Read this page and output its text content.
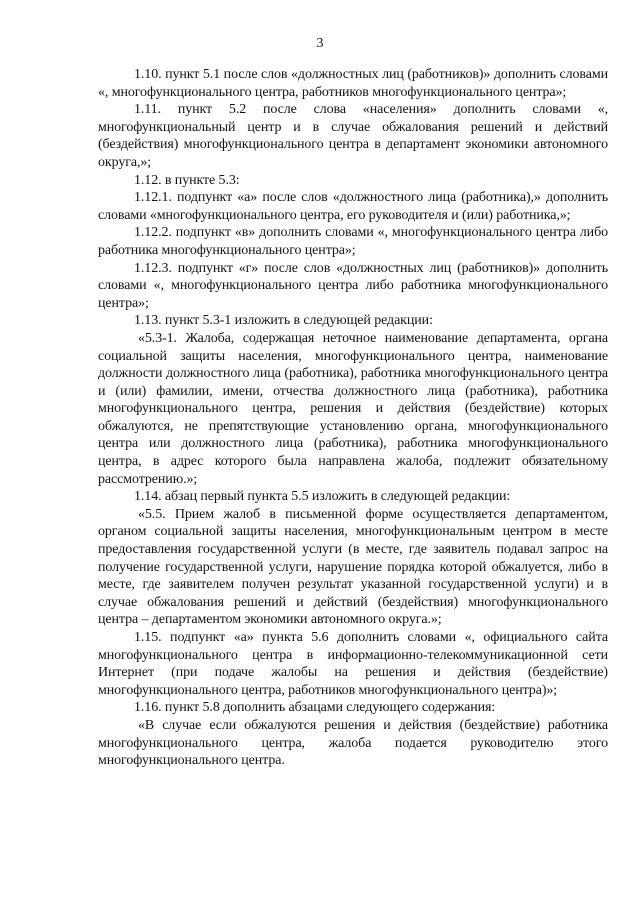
3

1.10. пункт 5.1 после слов «должностных лиц (работников)» дополнить словами «, многофункционального центра, работников многофункционального центра»;

1.11. пункт 5.2 после слова «населения» дополнить словами «, многофункциональный центр и в случае обжалования решений и действий (бездействия) многофункционального центра в департамент экономики автономного округа,»;

1.12. в пункте 5.3:

1.12.1. подпункт «а» после слов «должностного лица (работника),» дополнить словами «многофункционального центра, его руководителя и (или) работника,»;

1.12.2. подпункт «в» дополнить словами «, многофункционального центра либо работника многофункционального центра»;

1.12.3. подпункт «г» после слов «должностных лиц (работников)» дополнить словами «, многофункционального центра либо работника многофункционального центра»;

1.13. пункт 5.3-1 изложить в следующей редакции:

«5.3-1. Жалоба, содержащая неточное наименование департамента, органа социальной защиты населения, многофункционального центра, наименование должности должностного лица (работника), работника многофункционального центра и (или) фамилии, имени, отчества должностного лица (работника), работника многофункционального центра, решения и действия (бездействие) которых обжалуются, не препятствующие установлению органа, многофункционального центра или должностного лица (работника), работника многофункционального центра, в адрес которого была направлена жалоба, подлежит обязательному рассмотрению.»;

1.14. абзац первый пункта 5.5 изложить в следующей редакции:

«5.5. Прием жалоб в письменной форме осуществляется департаментом, органом социальной защиты населения, многофункциональным центром в месте предоставления государственной услуги (в месте, где заявитель подавал запрос на получение государственной услуги, нарушение порядка которой обжалуется, либо в месте, где заявителем получен результат указанной государственной услуги) и в случае обжалования решений и действий (бездействия) многофункционального центра – департаментом экономики автономного округа.»;

1.15. подпункт «а» пункта 5.6 дополнить словами «, официального сайта многофункционального центра в информационно-телекоммуникационной сети Интернет (при подаче жалобы на решения и действия (бездействие) многофункционального центра, работников многофункционального центра)»;

1.16. пункт 5.8 дополнить абзацами следующего содержания:

«В случае если обжалуются решения и действия (бездействие) работника многофункционального центра, жалоба подается руководителю этого многофункционального центра.
